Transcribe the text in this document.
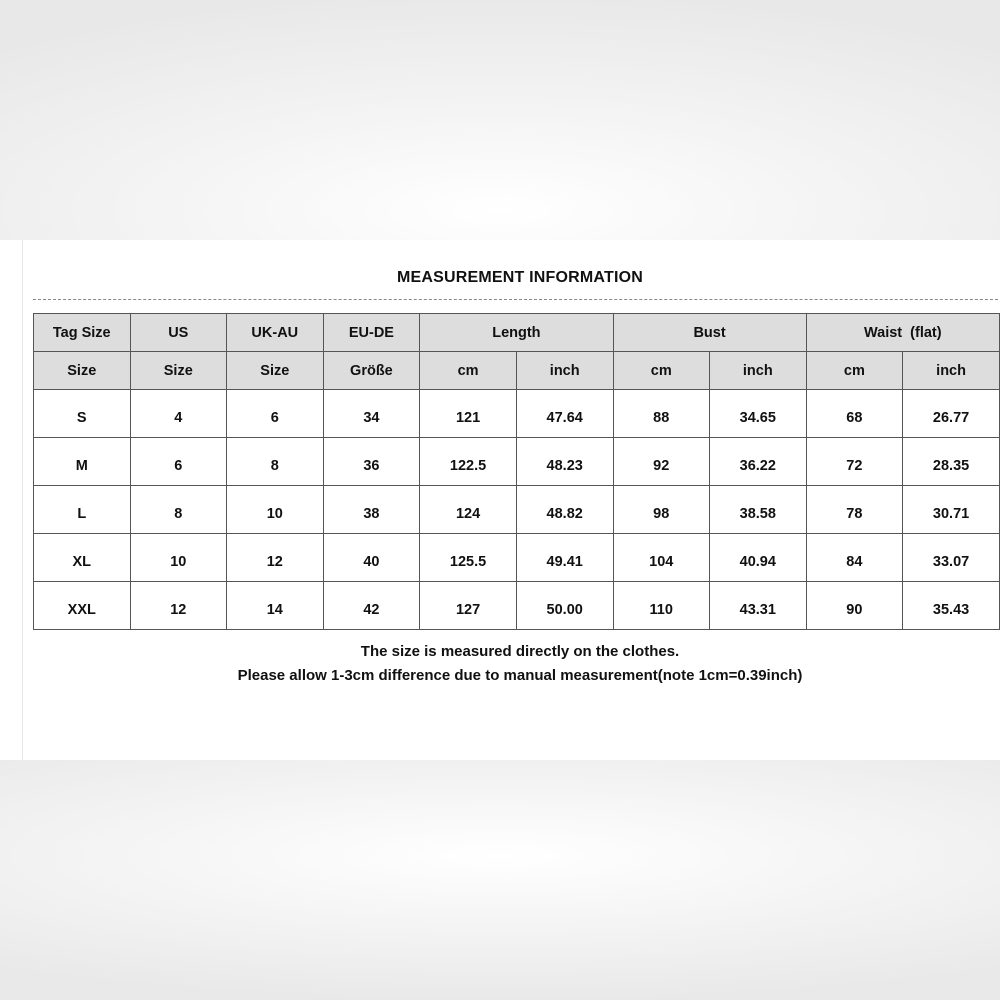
MEASUREMENT INFORMATION
Tag Size	US	UK-AU	EU-DE	Length		Bust		Waist  (flat)	
Size	Size	Size	Größe	cm	inch	cm	inch	cm	inch
S	4	6	34	121	47.64	88	34.65	68	26.77
M	6	8	36	122.5	48.23	92	36.22	72	28.35
L	8	10	38	124	48.82	98	38.58	78	30.71
XL	10	12	40	125.5	49.41	104	40.94	84	33.07
XXL	12	14	42	127	50.00	110	43.31	90	35.43
The size is measured directly on the clothes.
Please allow 1-3cm difference due to manual measurement(note 1cm=0.39inch)
